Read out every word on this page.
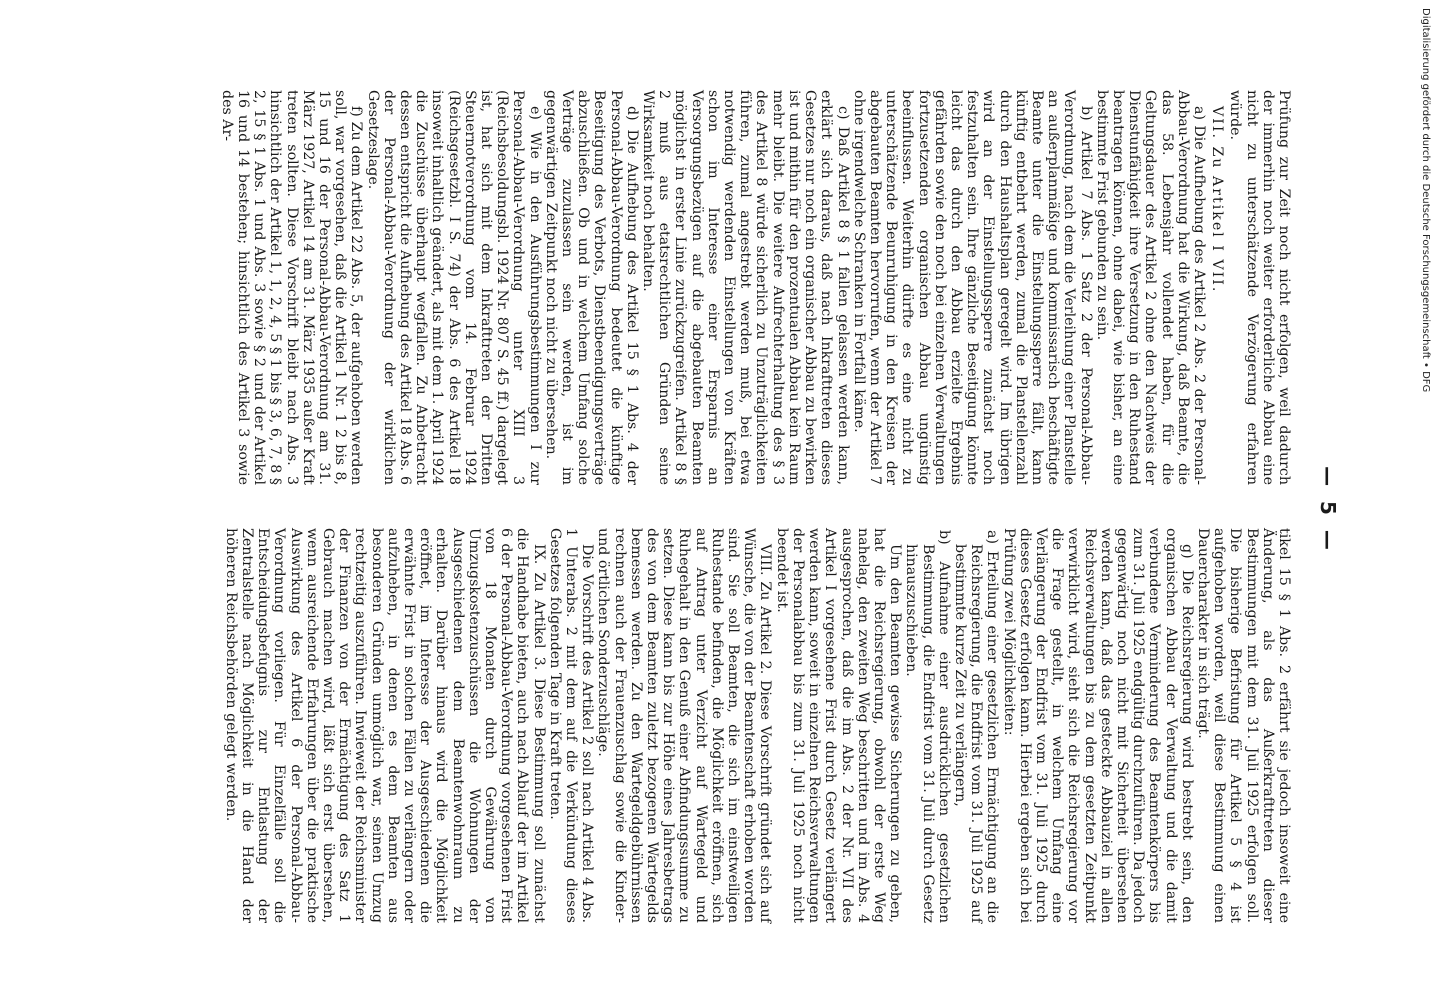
— 5 —

Prüfung zur Zeit noch nicht erfolgen, weil dadurch der immerhin noch weiter erforderliche Abbau eine nicht zu unterschätzende Verzögerung erfahren würde.

VII. Zu Artikel I VII.

a) Die Aufhebung des Artikel 2 Abs. 2 der Personal-Abbau-Verordnung hat die Wirkung, daß Beamte, die das 58. Lebensjahr vollendet haben, für die Geltungsdauer des Artikel 2 ohne den Nachweis der Dienstunfähigkeit ihre Versetzung in den Ruhestand beantragen können, ohne dabei, wie bisher, an eine bestimmte Frist gebunden zu sein.

b) Artikel 7 Abs. 1 Satz 2 der Personal-Abbau-Verordnung, nach dem die Verleihung einer Planstelle an außerplanmäßige und kommissarisch beschäftigte Beamte unter die Einstellungssperre fällt, kann künftig entbehrt werden, zumal die Planstellenzahl durch den Haushaltsplan geregelt wird. Im übrigen wird an der Einstellungssperre zunächst noch festzuhalten sein. Ihre gänzliche Beseitigung könnte leicht das durch den Abbau erzielte Ergebnis gefährden sowie den noch bei einzelnen Verwaltungen fortzusetzenden organischen Abbau ungünstig beeinflussen. Weiterhin dürfte es eine nicht zu unterschätzende Beunruhigung in den Kreisen der abgebauten Beamten hervorrufen, wenn der Artikel 7 ohne irgendwelche Schranken in Fortfall käme.

c) Daß Artikel 8 § 1 fallen gelassen werden kann, erklärt sich daraus, daß nach Inkrafttreten dieses Gesetzes nur noch ein organischer Abbau zu bewirken ist und mithin für den prozentualen Abbau kein Raum mehr bleibt. Die weitere Aufrechterhaltung des § 3 des Artikel 8 würde sicherlich zu Unzuträglichkeiten führen, zumal angestrebt werden muß, bei etwa notwendig werdenden Einstellungen von Kräften schon im Interesse einer Ersparnis an Versorgungsbezügen auf die abgebauten Beamten möglichst in erster Linie zurückzugreifen. Artikel 8 § 2 muß aus etatsrechtlichen Gründen seine Wirksamkeit noch behalten.

d) Die Aufhebung des Artikel 15 § 1 Abs. 4 der Personal-Abbau-Verordnung bedeutet die künftige Beseitigung des Verbots, Dienstbeendigungsverträge abzuschließen. Ob und in welchem Umfang solche Verträge zuzulassen sein werden, ist im gegenwärtigen Zeitpunkt noch nicht zu übersehen.

e) Wie in den Ausführungsbestimmungen I zur Personal-Abbau-Verordnung unter XIII 3 (Reichsbesoldungsbl. 1924 Nr. 807 S. 45 ff.) dargelegt ist, hat sich mit dem Inkrafttreten der Dritten Steuernotverordnung vom 14. Februar 1924 (Reichsgesetzbl. I S. 74) der Abs. 6 des Artikel 18 insoweit inhaltlich geändert, als mit dem 1. April 1924 die Zuschüsse überhaupt wegfallen. Zu Anbetracht dessen entspricht die Aufhebung des Artikel 18 Abs. 6 der Personal-Abbau-Verordnung der wirklichen Gesetzeslage.

f) Zu dem Artikel 22 Abs. 5, der aufgehoben werden soll, war vorgesehen, daß die Artikel 1 Nr. 1 2 bis 8, 15 und 16 der Personal-Abbau-Verordnung am 31. März 1927, Artikel 14 am 31. März 1935 außer Kraft treten sollten. Diese Vorschrift bleibt nach Abs. 3 hinsichtlich der Artikel 1, 1, 2, 4, 5 § 1 bis § 3, 6, 7, 8 § 2, 15 § 1 Abs. 1 und Abs. 3 sowie § 2 und der Artikel 16 und 14 bestehen; hinsichtlich des Artikel 3 sowie des Ar-

tikel 15 § 1 Abs. 2 erfährt sie jedoch insoweit eine Änderung, als das Außerkrafttreten dieser Bestimmungen mit dem 31. Juli 1925 erfolgen soll. Die bisherige Befristung für Artikel 5 § 4 ist aufgehoben worden, weil diese Bestimmung einen Dauercharakter in sich trägt.

g) Die Reichsregierung wird bestrebt sein, den organischen Abbau der Verwaltung und die damit verbundene Verminderung des Beamtenkörpers bis zum 31. Juli 1925 endgültig durchzuführen. Da jedoch gegenwärtig noch nicht mit Sicherheit übersehen werden kann, daß das gesteckte Abbauziel in allen Reichsverwaltungen bis zu dem gesetzten Zeitpunkt verwirklicht wird, sieht sich die Reichsregierung vor die Frage gestellt, in welchem Umfang eine Verlängerung der Endfrist vom 31. Juli 1925 durch dieses Gesetz erfolgen kann. Hierbei ergeben sich bei Prüfung zwei Möglichkeiten:

a) Erteilung einer gesetzlichen Ermächtigung an die Reichsregierung, die Endfrist vom 31. Juli 1925 auf bestimmte kurze Zeit zu verlängern,

b) Aufnahme einer ausdrücklichen gesetzlichen Bestimmung, die Endfrist vom 31. Juli durch Gesetz hinauszuschieben.

Um den Beamten gewisse Sicherungen zu geben, hat die Reichsregierung, obwohl der erste Weg nahelag, den zweiten Weg beschritten und im Abs. 4 ausgesprochen, daß die im Abs. 2 der Nr. VII des Artikel I vorgesehene Frist durch Gesetz verlängert werden kann, soweit in einzelnen Reichsverwaltungen der Personalabbau bis zum 31. Juli 1925 noch nicht beendet ist.

VIII. Zu Artikel 2. Diese Vorschrift gründet sich auf Wünsche, die von der Beamtenschaft erhoben worden sind. Sie soll Beamten, die sich im einstweiligen Ruhestande befinden, die Möglichkeit eröffnen, sich auf Antrag unter Verzicht auf Wartegeld und Ruhegehalt in den Genuß einer Abfindungssumme zu setzen. Diese kann bis zur Höhe eines Jahresbetrags des von dem Beamten zuletzt bezogenen Wartegelds bemessen werden. Zu den Wartegeldgebührnissen rechnen auch der Frauenzuschlag sowie die Kinder- und örtlichen Sonderzuschläge.

Die Vorschrift des Artikel 2 soll nach Artikel 4 Abs. 1 Unterabs. 2 mit dem auf die Verkündung dieses Gesetzes folgenden Tage in Kraft treten.

IX. Zu Artikel 3. Diese Bestimmung soll zunächst die Handhabe bieten, auch nach Ablauf der im Artikel 6 der Personal-Abbau-Verordnung vorgesehenen Frist von 18 Monaten durch Gewährung von Umzugskostenzuschüssen die Wohnungen der Ausgeschiedenen dem Beamtenwohnraum zu erhalten. Darüber hinaus wird die Möglichkeit eröffnet, im Interesse der Ausgeschiedenen die erwähnte Frist in solchen Fällen zu verlängern oder aufzuheben, in denen es dem Beamten aus besonderen Gründen unmöglich war, seinen Umzug rechtzeitig auszuführen. Inwieweit der Reichsminister der Finanzen von der Ermächtigung des Satz 1 Gebrauch machen wird, läßt sich erst übersehen, wenn ausreichende Erfahrungen über die praktische Auswirkung des Artikel 6 der Personal-Abbau-Verordnung vorliegen. Für Einzelfälle soll die Entscheidungsbefugnis zur Entlastung der Zentralstelle nach Möglichkeit in die Hand der höheren Reichsbehörden gelegt werden.

Digitalisierung gefördert durch die Deutsche Forschungsgemeinschaft • DFG
